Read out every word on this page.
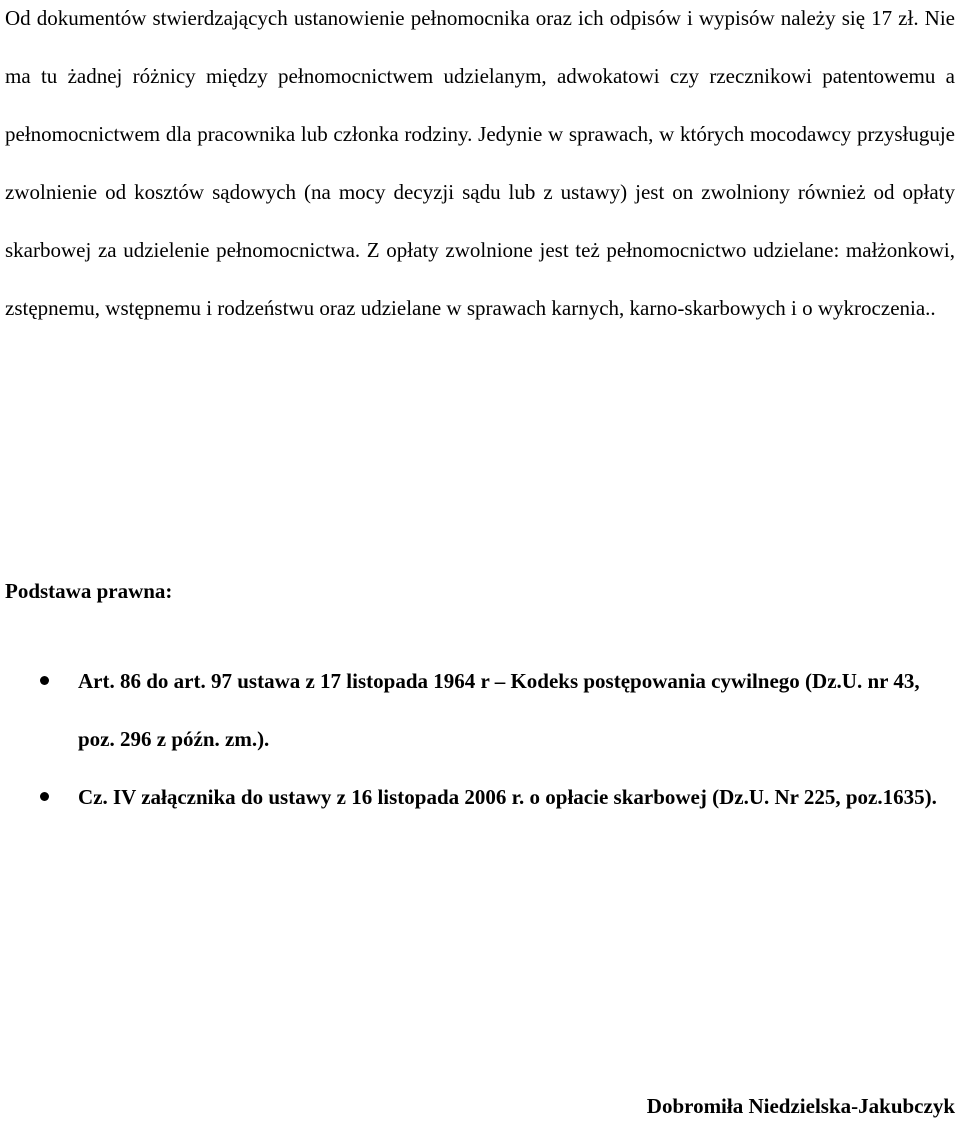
Od dokumentów stwierdzających ustanowienie pełnomocnika oraz ich odpisów i wypisów należy się 17 zł. Nie ma tu żadnej różnicy między pełnomocnictwem udzielanym, adwokatowi czy rzecznikowi patentowemu a pełnomocnictwem dla pracownika lub członka rodziny. Jedynie w sprawach, w których mocodawcy przysługuje zwolnienie od kosztów sądowych (na mocy decyzji sądu lub z ustawy) jest on zwolniony również od opłaty skarbowej za udzielenie pełnomocnictwa. Z opłaty zwolnione jest też pełnomocnictwo udzielane: małżonkowi, zstępnemu, wstępnemu i rodzeństwu oraz udzielane w sprawach karnych, karno-skarbowych i o wykroczenia..

Podstawa prawna:

Art. 86 do art. 97 ustawa z 17 listopada 1964 r – Kodeks postępowania cywilnego (Dz.U. nr 43, poz. 296 z późn. zm.).
Cz. IV załącznika do ustawy z 16 listopada 2006 r. o opłacie skarbowej (Dz.U. Nr 225, poz.1635).

Dobromiła Niedzielska-Jakubczyk
